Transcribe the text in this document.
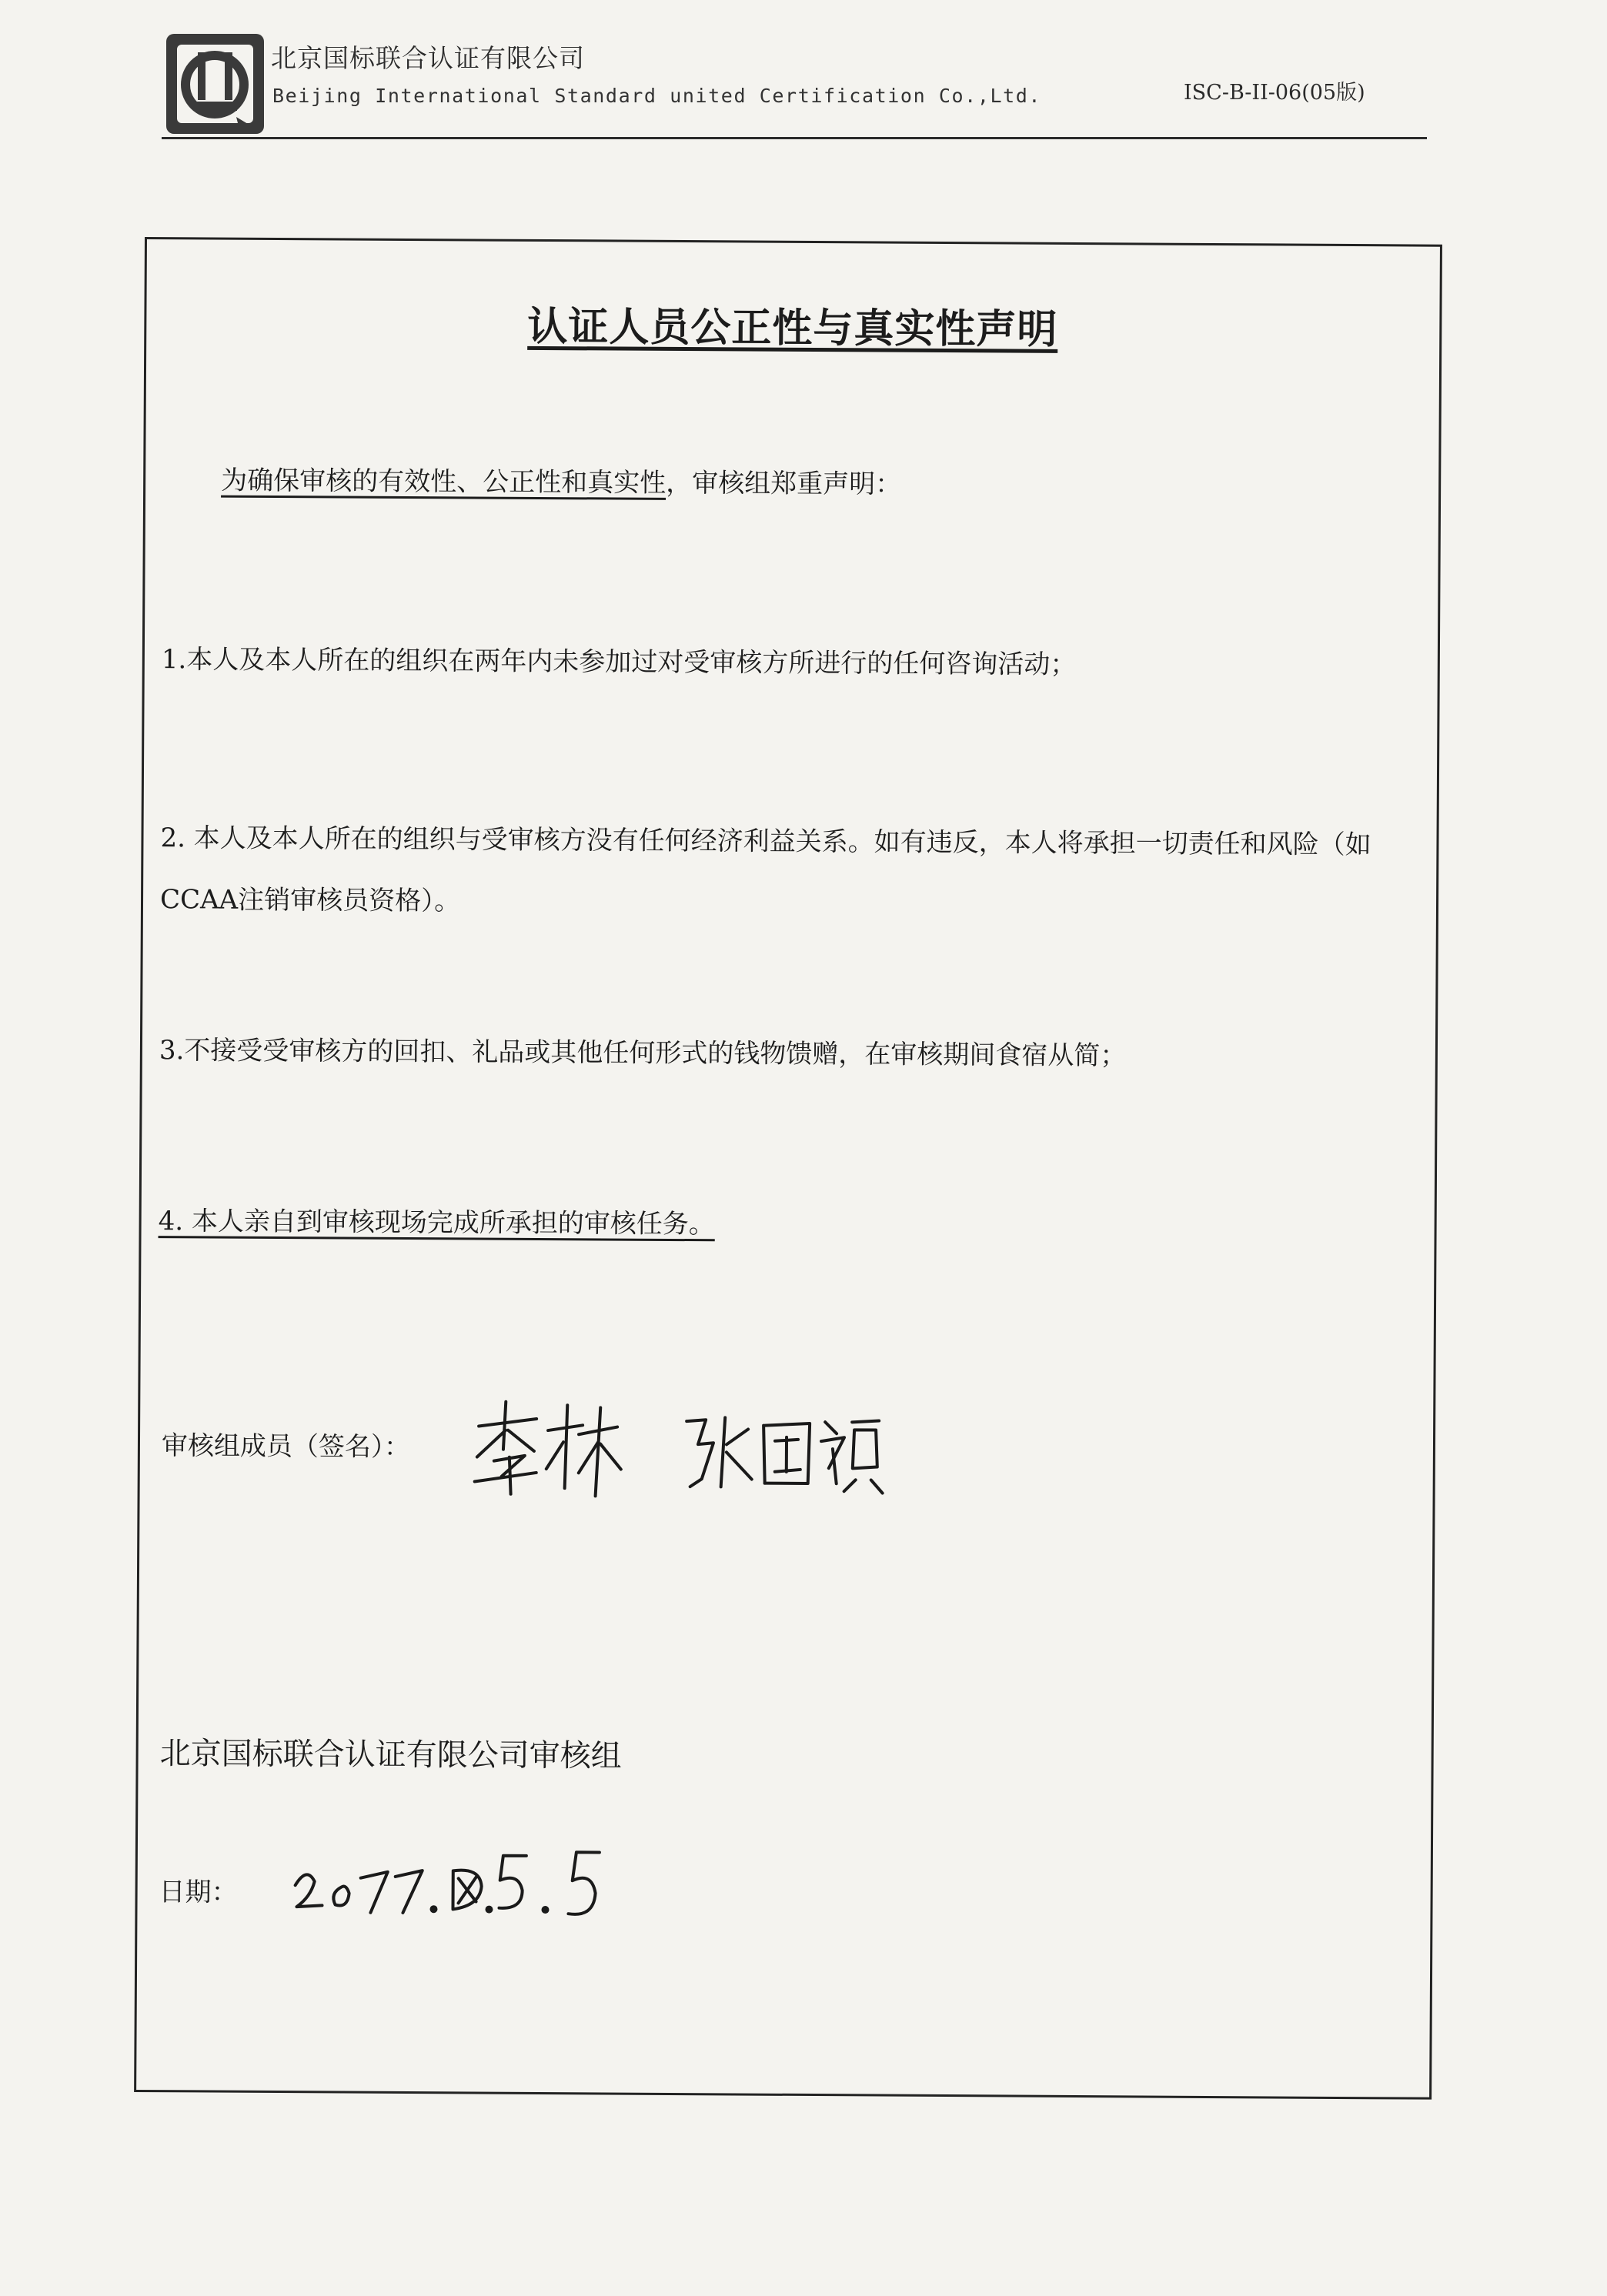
北京国标联合认证有限公司
Beijing International Standard united Certification Co.,Ltd.	ISC-B-II-06(05版)
认证人员公正性与真实性声明
为确保审核的有效性、公正性和真实性，审核组郑重声明：
1.本人及本人所在的组织在两年内未参加过对受审核方所进行的任何咨询活动；
2. 本人及本人所在的组织与受审核方没有任何经济利益关系。如有违反，本人将承担一切责任和风险（如CCAA注销审核员资格）。
3.不接受受审核方的回扣、礼品或其他任何形式的钱物馈赠，在审核期间食宿从简；
4. 本人亲自到审核现场完成所承担的审核任务。
审核组成员（签名）：
北京国标联合认证有限公司审核组
日期：
